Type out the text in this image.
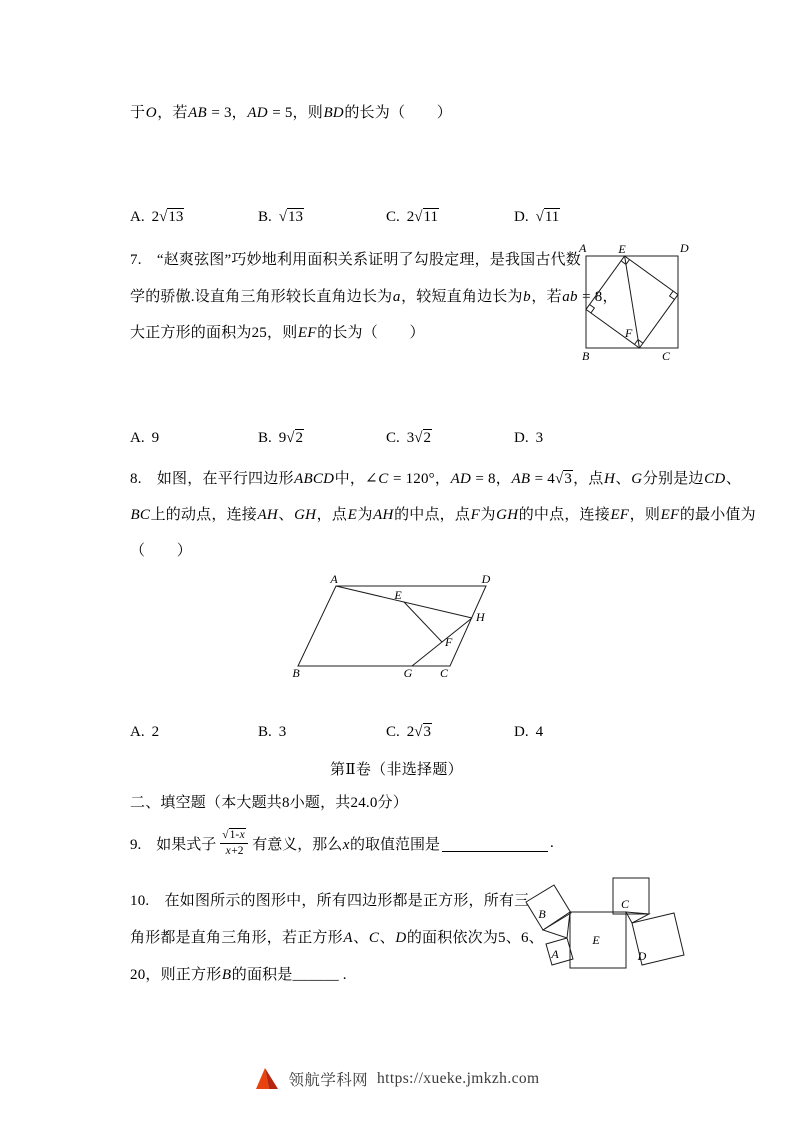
于O，若AB = 3，AD = 5，则BD的长为（        ）
A. 2√13	B. √13	C. 2√11	D. √11
7.　“赵爽弦图”巧妙地利用面积关系证明了勾股定理，是我国古代数
学的骄傲.设直角三角形较长直角边长为a，较短直角边长为b，若ab = 8，
大正方形的面积为25，则EF的长为（        ）
A	E	D
B
F
C
A. 9	B. 9√2	C. 3√2	D. 3
8.　如图，在平行四边形ABCD中，∠C = 120°，AD = 8，AB = 4√3，点H、G分别是边CD、
BC上的动点，连接AH、GH，点E为AH的中点，点F为GH的中点，连接EF，则EF的最小值为
（        ）
A	D
E
H
B	G C
F
A. 2	B. 3	C. 2√3	D. 4
第Ⅱ卷（非选择题）
二、填空题（本大题共8小题，共24.0分）
9.　如果式子 $\frac{√1-x}{x+2}$ 有意义，那么x的取值范围是	.
10.　在如图所示的图形中，所有四边形都是正方形，所有三
角形都是直角三角形，若正方形A、C、D的面积依次为5、6、
20，则正方形B的面积是______ .
B
E
C
A	D
领航学科网 https://xueke.jmkzh.com
